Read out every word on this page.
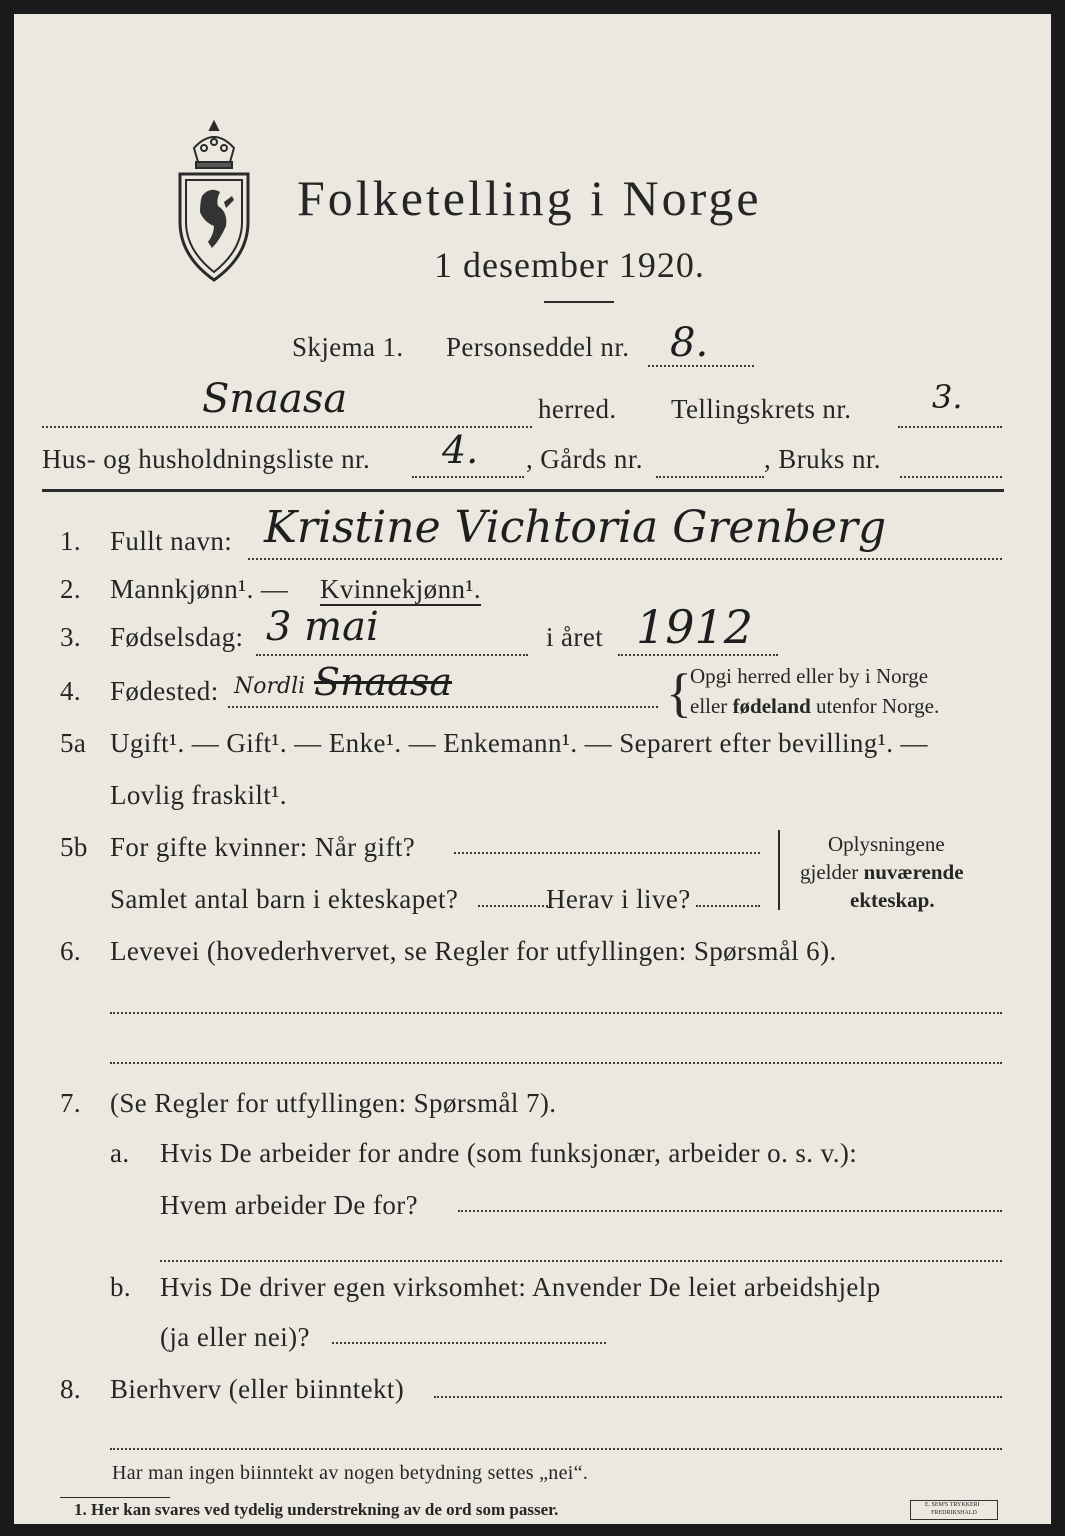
Folketelling i Norge
1 desember 1920.
Skjema 1. Personseddel nr. 8.
Snaasa	herred. Tellingskrets nr.	3.
Hus- og husholdningsliste nr. 4. , Gårds nr.	, Bruks nr.
1. Fullt navn: Kristine Vichtoria Grenberg
2. Mannkjønn¹. — Kvinnekjønn¹.
3. Fødselsdag: 3 mai	i året 1912
4. Fødested: Nordli Snaasa	{
Opgi herred eller by i Norge
eller fødeland utenfor Norge.
5a Ugift¹. — Gift¹. — Enke¹. — Enkemann¹. — Separert efter bevilling¹. —
Lovlig fraskilt¹.
5b For gifte kvinner: Når gift?
Samlet antal barn i ekteskapet?	Herav i live?
Oplysningene
gjelder nuværende
ekteskap.
6. Levevei (hovederhvervet, se Regler for utfyllingen: Spørsmål 6).
7. (Se Regler for utfyllingen: Spørsmål 7).
a. Hvis De arbeider for andre (som funksjonær, arbeider o. s. v.):
Hvem arbeider De for?
b. Hvis De driver egen virksomhet: Anvender De leiet arbeidshjelp
(ja eller nei)?
8. Bierhverv (eller biinntekt)
Har man ingen biinntekt av nogen betydning settes „nei“.
1. Her kan svares ved tydelig understrekning av de ord som passer.	E. SEM'S TRYKKERI · FREDRIKSHALD
